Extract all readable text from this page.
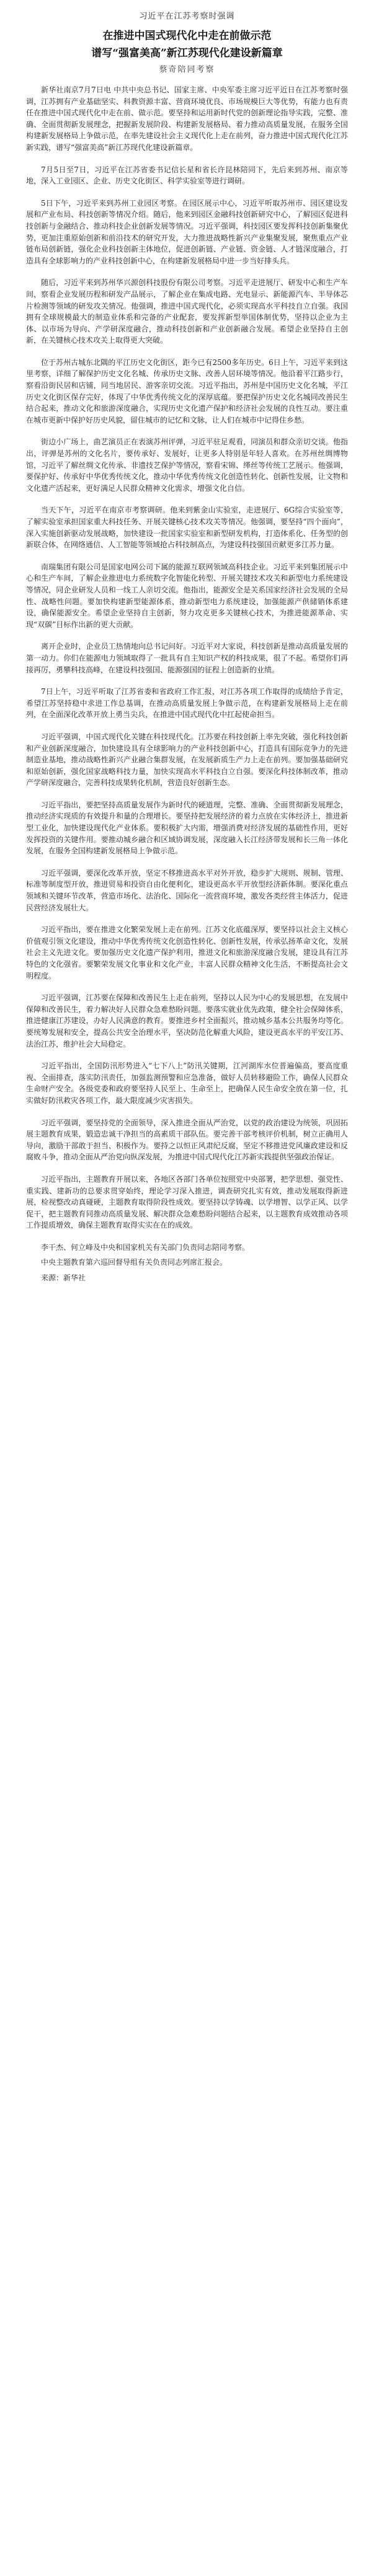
习近平在江苏考察时强调

在推进中国式现代化中走在前做示范
谱写“强富美高”新江苏现代化建设新篇章

蔡奇陪同考察

新华社南京7月7日电 中共中央总书记、国家主席、中央军委主席习近平近日在江苏考察时强调，江苏拥有产业基础坚实、科教资源丰富、营商环境优良、市场规模巨大等优势，有能力也有责任在推进中国式现代化中走在前、做示范。要坚持和运用新时代党的创新理论指导实践，完整、准确、全面贯彻新发展理念，把握新发展阶段、构建新发展格局、着力推动高质量发展，在服务全国构建新发展格局上争做示范，在率先建设社会主义现代化上走在前列，奋力推进中国式现代化江苏新实践，谱写“强富美高”新江苏现代化建设新篇章。

7月5日至7日，习近平在江苏省委书记信长星和省长许昆林陪同下，先后来到苏州、南京等地，深入工业园区、企业、历史文化街区、科学实验室等进行调研。

5日下午，习近平来到苏州工业园区考察。在园区展示中心，习近平听取苏州市、园区建设发展和产业布局、科技创新等情况介绍。随后，他来到园区金融科技创新研究中心，了解园区促进科技创新与金融结合、推动科技企业创新发展等情况。习近平强调，科技园区要发挥科技创新集聚优势，更加注重原始创新和前沿技术的研究开发，大力推进战略性新兴产业集聚发展，聚焦重点产业链布局创新链，强化企业科技创新主体地位，促进创新链、产业链、资金链、人才链深度融合，打造具有全球影响力的产业科技创新中心，在构建新发展格局中进一步当好排头兵。

随后，习近平来到苏州华兴源创科技股份有限公司考察。习近平走进展厅、研发中心和生产车间，察看企业发展历程和研发产品展示，了解企业在集成电路、光电显示、新能源汽车、半导体芯片检测等领域的研发攻关情况。他强调，推进中国式现代化，必须实现高水平科技自立自强。我国拥有全球规模最大的制造业体系和完备的产业配套，要发挥新型举国体制优势，坚持以企业为主体、以市场为导向、产学研深度融合，推动科技创新和产业创新融合发展。希望企业坚持自主创新，在关键核心技术攻关上取得更大突破。

位于苏州古城东北隅的平江历史文化街区，距今已有2500多年历史。6日上午，习近平来到这里考察，详细了解保护历史文化名城、传承历史文脉、改善人居环境等情况。他沿着平江路步行，察看沿街民居和店铺，同当地居民、游客亲切交流。习近平指出，苏州是中国历史文化名城，平江历史文化街区保存完好，体现了中华优秀传统文化的深厚底蕴。要把保护历史文化名城同改善民生结合起来，推动文化和旅游深度融合，实现历史文化遗产保护和经济社会发展的良性互动。要注重在城市更新中保护好历史风貌，留住城市的记忆和文脉，让人们在城市中记得住乡愁。

街边小广场上，曲艺演员正在表演苏州评弹，习近平驻足观看，同演员和群众亲切交谈。他指出，评弹是苏州的文化名片，要传承好、发展好，让更多人特别是年轻人喜欢。在苏州丝绸博物馆，习近平了解丝绸文化传承、非遗技艺保护等情况，察看宋锦、缂丝等传统工艺展示。他强调，要保护好、传承好中华优秀传统文化，推动中华优秀传统文化创造性转化、创新性发展，让文物和文化遗产活起来，更好满足人民群众精神文化需求，增强文化自信。

当天下午，习近平在南京市考察调研。他来到紫金山实验室，走进展厅、6G综合实验室等，了解实验室承担国家重大科技任务、开展关键核心技术攻关等情况。他强调，要坚持“四个面向”，深入实施创新驱动发展战略，加快建设一批国家实验室和新型研发机构，打造体系化、任务型的创新联合体，在网络通信、人工智能等领域抢占科技制高点，为建设科技强国贡献更多江苏力量。

南瑞集团有限公司是国家电网公司下属的能源互联网领域高科技企业。习近平来到集团展示中心和生产车间，了解企业推进电力系统数字化智能化转型、开展关键技术攻关和新型电力系统建设等情况，同企业研发人员和一线工人亲切交流。他指出，能源安全是关系国家经济社会发展的全局性、战略性问题。要加快构建新型能源体系，推动新型电力系统建设，加强能源产供储销体系建设，确保能源安全。希望企业坚持自主创新，努力攻克更多关键核心技术，为推进能源革命、实现“双碳”目标作出新的更大贡献。

离开企业时，企业员工热情地向总书记问好。习近平对大家说，科技创新是推动高质量发展的第一动力。你们在能源电力领域取得了一批具有自主知识产权的科技成果，很了不起。希望你们再接再厉，勇攀科技高峰，在建设科技强国、能源强国的征程上创造新的业绩。

7日上午，习近平听取了江苏省委和省政府工作汇报，对江苏各项工作取得的成绩给予肯定，希望江苏坚持稳中求进工作总基调，在推动高质量发展上争做示范，在构建新发展格局上走在前列，在全面深化改革开放上勇当尖兵，在推进中国式现代化中扛起使命担当。

习近平强调，中国式现代化关键在科技现代化。江苏要在科技创新上率先突破，强化科技创新和产业创新深度融合，加快建设具有全球影响力的产业科技创新中心，打造具有国际竞争力的先进制造业基地，推动战略性新兴产业融合集群发展，在发展新质生产力上走在前列。要加强基础研究和原始创新，强化国家战略科技力量，加快实现高水平科技自立自强。要深化科技体制改革，推动产学研深度融合，完善科技成果转化机制，营造良好创新生态。

习近平指出，要把坚持高质量发展作为新时代的硬道理，完整、准确、全面贯彻新发展理念，推动经济实现质的有效提升和量的合理增长。要坚持把发展经济的着力点放在实体经济上，推进新型工业化，加快建设现代化产业体系。要积极扩大内需，增强消费对经济发展的基础性作用，更好发挥投资的关键作用。要推动城乡融合和区域协调发展，深度融入长江经济带发展和长三角一体化发展，在服务全国构建新发展格局上争做示范。

习近平强调，要深化改革开放，坚定不移推进高水平对外开放，稳步扩大规则、规制、管理、标准等制度型开放，推进贸易和投资自由化便利化，建设更高水平开放型经济新体制。要深化重点领域和关键环节改革，营造市场化、法治化、国际化一流营商环境，激发各类经营主体活力，促进民营经济发展壮大。

习近平指出，要在推进文化繁荣发展上走在前列。江苏文化底蕴深厚，要坚持以社会主义核心价值观引领文化建设，推动中华优秀传统文化创造性转化、创新性发展，传承弘扬革命文化，发展社会主义先进文化。要加强历史文化遗产保护利用，推进文化和旅游深度融合发展，建设具有江苏特色的文化强省。要繁荣发展文化事业和文化产业，丰富人民群众精神文化生活，不断提高社会文明程度。

习近平强调，江苏要在保障和改善民生上走在前列，坚持以人民为中心的发展思想，在发展中保障和改善民生，着力解决好人民群众急难愁盼问题。要落实就业优先政策，健全社会保障体系，推进健康江苏建设，办好人民满意的教育。要推进乡村全面振兴，推动城乡基本公共服务均等化。要统筹发展和安全，提高公共安全治理水平，坚决防范化解重大风险，建设更高水平的平安江苏、法治江苏，维护社会大局稳定。

习近平指出，全国防汛形势进入“七下八上”防汛关键期，江河湖库水位普遍偏高，要高度重视、全面排查，落实防汛责任，加强监测预警和应急准备，做好人员转移避险工作，确保人民群众生命财产安全。各级党委和政府要坚持人民至上、生命至上，把确保人民生命安全放在第一位，扎实做好防汛救灾各项工作，最大限度减少灾害损失。

习近平强调，要坚持党的全面领导，深入推进全面从严治党，以党的政治建设为统领，巩固拓展主题教育成果，锻造忠诚干净担当的高素质干部队伍。要完善干部考核评价机制，树立正确用人导向，激励干部敢于担当、积极作为。要持之以恒正风肃纪反腐，坚定不移推进党风廉政建设和反腐败斗争，推动全面从严治党向纵深发展，为推进中国式现代化江苏新实践提供坚强政治保证。

习近平指出，主题教育开展以来，各地区各部门各单位按照党中央部署，把学思想、强党性、重实践、建新功的总要求贯穿始终，理论学习深入推进，调查研究扎实有效，推动发展取得新进展，检视整改动真碰硬，主题教育取得阶段性成效。要坚持以学铸魂、以学增智、以学正风、以学促干，把主题教育同推动高质量发展、解决群众急难愁盼问题结合起来，以主题教育成效推动各项工作提质增效，确保主题教育取得实实在在的成效。

李干杰、何立峰及中央和国家机关有关部门负责同志陪同考察。

中央主题教育第六巡回督导组有关负责同志列席汇报会。

来源：新华社
